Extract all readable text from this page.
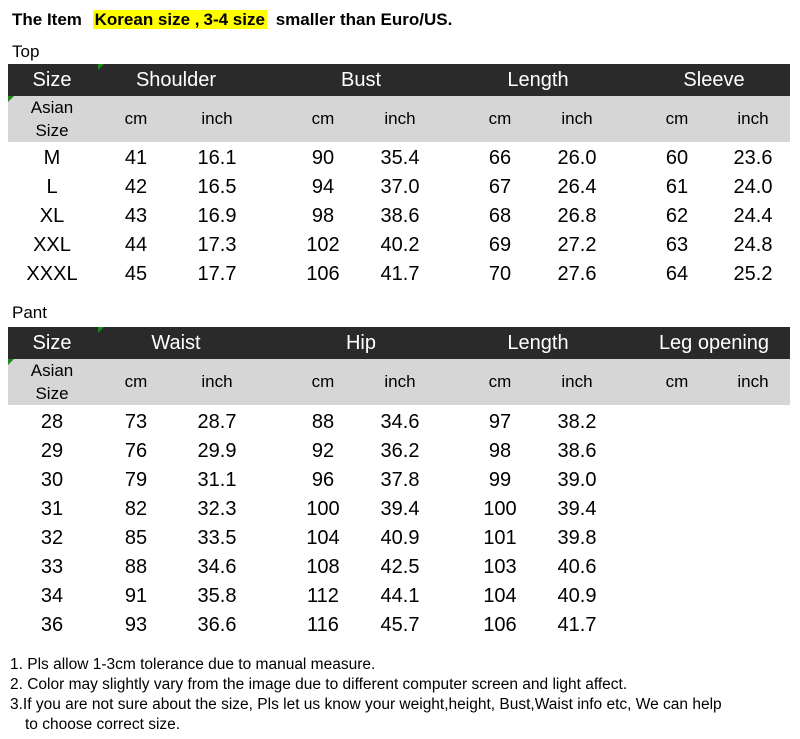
The Item Korean size , 3-4 size smaller than Euro/US.
Top
Size	Shoulder	Bust	Length	Sleeve
Asian
Size
cm	inch	cm	inch	cm	inch	cm	inch
M	41	16.1	90	35.4	66	26.0	60	23.6
L	42	16.5	94	37.0	67	26.4	61	24.0
XL	43	16.9	98	38.6	68	26.8	62	24.4
XXL	44	17.3	102	40.2	69	27.2	63	24.8
XXXL	45	17.7	106	41.7	70	27.6	64	25.2
Pant
Size	Waist	Hip	Length	Leg opening
Asian
Size
cm	inch	cm	inch	cm	inch	cm	inch
28	73	28.7	88	34.6	97	38.2
29	76	29.9	92	36.2	98	38.6
30	79	31.1	96	37.8	99	39.0
31	82	32.3	100	39.4	100	39.4
32	85	33.5	104	40.9	101	39.8
33	88	34.6	108	42.5	103	40.6
34	91	35.8	112	44.1	104	40.9
36	93	36.6	116	45.7	106	41.7
1. Pls allow 1-3cm tolerance due to manual measure.
2. Color may slightly vary from the image due to different computer screen and light affect.
3.If you are not sure about the size, Pls let us know your weight,height, Bust,Waist info etc, We can help
to choose correct size.
